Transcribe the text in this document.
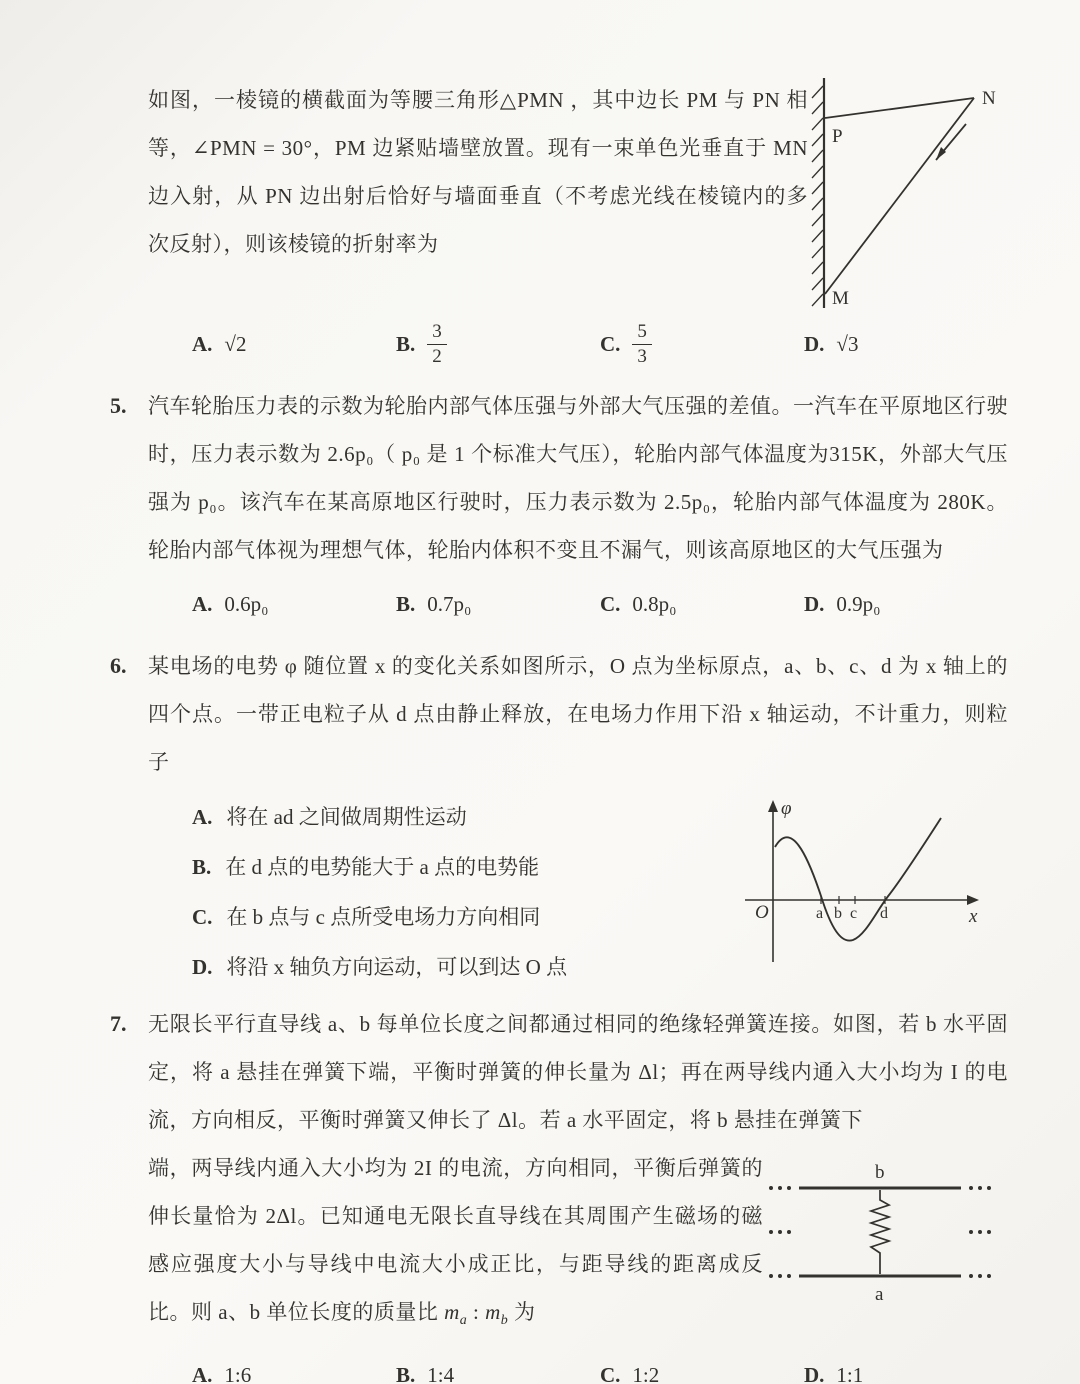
如图，一棱镜的横截面为等腰三角形△PMN ，其中边长 PM 与 PN 相等，∠PMN = 30°，PM 边紧贴墙壁放置。现有一束单色光垂直于 MN 边入射，从 PN 边出射后恰好与墙面垂直（不考虑光线在棱镜内的多次反射），则该棱镜的折射率为

P
N
M
A. √2	B. $\frac{3}{2}$	C. $\frac{5}{3}$	D. √3
5. 汽车轮胎压力表的示数为轮胎内部气体压强与外部大气压强的差值。一汽车在平原地区行驶时，压力表示数为 2.6p₀（ p₀ 是 1 个标准大气压），轮胎内部气体温度为315K，外部大气压强为 p₀。该汽车在某高原地区行驶时，压力表示数为 2.5p₀，轮胎内部气体温度为 280K。轮胎内部气体视为理想气体，轮胎内体积不变且不漏气，则该高原地区的大气压强为

A. 0.6p₀	B. 0.7p₀	C. 0.8p₀	D. 0.9p₀
6. 某电场的电势 φ 随位置 x 的变化关系如图所示，O 点为坐标原点，a、b、c、d 为 x 轴上的四个点。一带正电粒子从 d 点由静止释放，在电场力作用下沿 x 轴运动，不计重力，则粒子

A. 将在 ad 之间做周期性运动
B. 在 d 点的电势能大于 a 点的电势能
C. 在 b 点与 c 点所受电场力方向相同
D. 将沿 x 轴负方向运动，可以到达 O 点
φ
O	x
a b c d
7. 无限长平行直导线 a、b 每单位长度之间都通过相同的绝缘轻弹簧连接。如图，若 b 水平固定，将 a 悬挂在弹簧下端，平衡时弹簧的伸长量为 Δl；再在两导线内通入大小均为 I 的电流，方向相反，平衡时弹簧又伸长了 Δl。若 a 水平固定，将 b 悬挂在弹簧下

端，两导线内通入大小均为 2I 的电流，方向相同，平衡后弹簧的伸长量恰为 2Δl。已知通电无限长直导线在其周围产生磁场的磁感应强度大小与导线中电流大小成正比，与距导线的距离成反比。则 a、b 单位长度的质量比 $m_a$ : $m_b$ 为

b
a
A. 1:6	B. 1:4	C. 1:2	D. 1:1
